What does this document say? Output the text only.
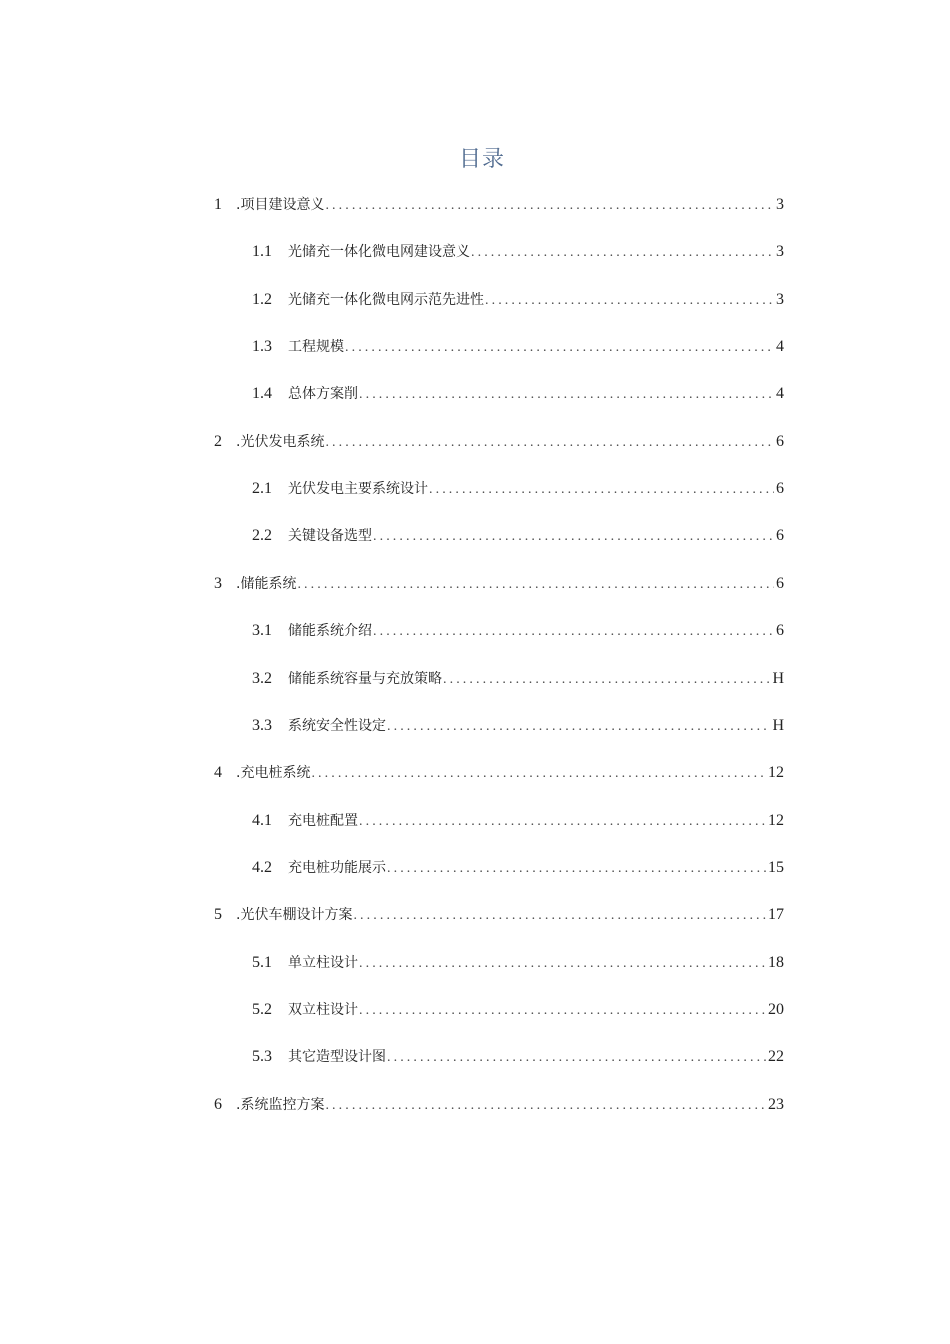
目录
1	.项目建设意义 .....	3
1.1	光储充一体化微电网建设意义 .....	3
1.2	光储充一体化微电网示范先进性 .....	3
1.3	工程规模 .....	4
1.4	总体方案削 .....	4
2	.光伏发电系统 .....	6
2.1	光伏发电主要系统设计 .....	6
2.2	关键设备选型 .....	6
3	.储能系统 .....	6
3.1	储能系统介绍 .....	6
3.2	储能系统容量与充放策略 .....	H
3.3	系统安全性设定 .....	H
4	.充电桩系统 .....	12
4.1	充电桩配置 .....	12
4.2	充电桩功能展示 .....	15
5	.光伏车棚设计方案 .....	17
5.1	单立柱设计 .....	18
5.2	双立柱设计 .....	20
5.3	其它造型设计图 .....	22
6	.系统监控方案 .....	23
